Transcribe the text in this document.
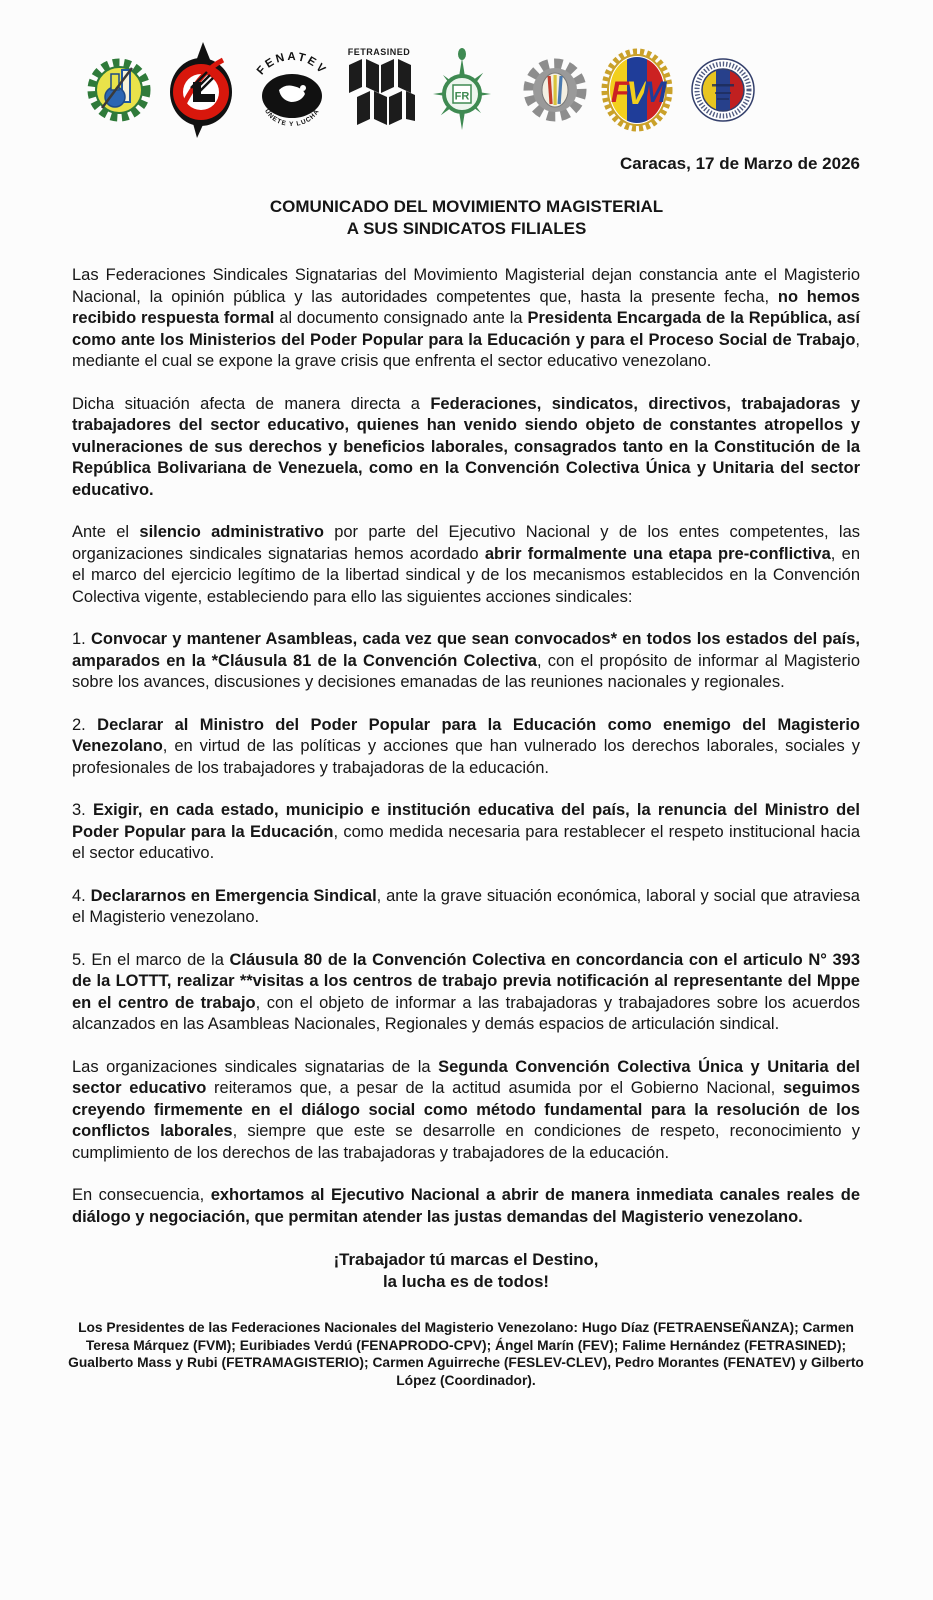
FENATEV
ÚNETE Y LUCHA
FETRASINED
FR	F
V
M
Caracas, 17 de Marzo de 2026
COMUNICADO DEL MOVIMIENTO MAGISTERIAL
A SUS SINDICATOS FILIALES

Las Federaciones Sindicales Signatarias del Movimiento Magisterial dejan constancia ante el Magisterio Nacional, la opinión pública y las autoridades competentes que, hasta la presente fecha, no hemos recibido respuesta formal al documento consignado ante la Presidenta Encargada de la República, así como ante los Ministerios del Poder Popular para la Educación y para el Proceso Social de Trabajo, mediante el cual se expone la grave crisis que enfrenta el sector educativo venezolano.

Dicha situación afecta de manera directa a Federaciones, sindicatos, directivos, trabajadoras y trabajadores del sector educativo, quienes han venido siendo objeto de constantes atropellos y vulneraciones de sus derechos y beneficios laborales, consagrados tanto en la Constitución de la República Bolivariana de Venezuela, como en la Convención Colectiva Única y Unitaria del sector educativo.

Ante el silencio administrativo por parte del Ejecutivo Nacional y de los entes competentes, las organizaciones sindicales signatarias hemos acordado abrir formalmente una etapa pre-conflictiva, en el marco del ejercicio legítimo de la libertad sindical y de los mecanismos establecidos en la Convención Colectiva vigente, estableciendo para ello las siguientes acciones sindicales:

1. Convocar y mantener Asambleas, cada vez que sean convocados* en todos los estados del país, amparados en la *Cláusula 81 de la Convención Colectiva, con el propósito de informar al Magisterio sobre los avances, discusiones y decisiones emanadas de las reuniones nacionales y regionales.

2. Declarar al Ministro del Poder Popular para la Educación como enemigo del Magisterio Venezolano, en virtud de las políticas y acciones que han vulnerado los derechos laborales, sociales y profesionales de los trabajadores y trabajadoras de la educación.

3. Exigir, en cada estado, municipio e institución educativa del país, la renuncia del Ministro del Poder Popular para la Educación, como medida necesaria para restablecer el respeto institucional hacia el sector educativo.

4. Declararnos en Emergencia Sindical, ante la grave situación económica, laboral y social que atraviesa el Magisterio venezolano.

5. En el marco de la Cláusula 80 de la Convención Colectiva en concordancia con el articulo N° 393 de la LOTTT, realizar **visitas a los centros de trabajo previa notificación al representante del Mppe en el centro de trabajo, con el objeto de informar a las trabajadoras y trabajadores sobre los acuerdos alcanzados en las Asambleas Nacionales, Regionales y demás espacios de articulación sindical.

Las organizaciones sindicales signatarias de la Segunda Convención Colectiva Única y Unitaria del sector educativo reiteramos que, a pesar de la actitud asumida por el Gobierno Nacional, seguimos creyendo firmemente en el diálogo social como método fundamental para la resolución de los conflictos laborales, siempre que este se desarrolle en condiciones de respeto, reconocimiento y cumplimiento de los derechos de las trabajadoras y trabajadores de la educación.

En consecuencia, exhortamos al Ejecutivo Nacional a abrir de manera inmediata canales reales de diálogo y negociación, que permitan atender las justas demandas del Magisterio venezolano.

¡Trabajador tú marcas el Destino,
la lucha es de todos!
Los Presidentes de las Federaciones Nacionales del Magisterio Venezolano: Hugo Díaz (FETRAENSEÑANZA); Carmen Teresa Márquez (FVM); Euribiades Verdú (FENAPRODO-CPV); Ángel Marín (FEV); Falime Hernández (FETRASINED); Gualberto Mass y Rubi (FETRAMAGISTERIO); Carmen Aguirreche (FESLEV-CLEV), Pedro Morantes (FENATEV) y Gilberto López (Coordinador).
